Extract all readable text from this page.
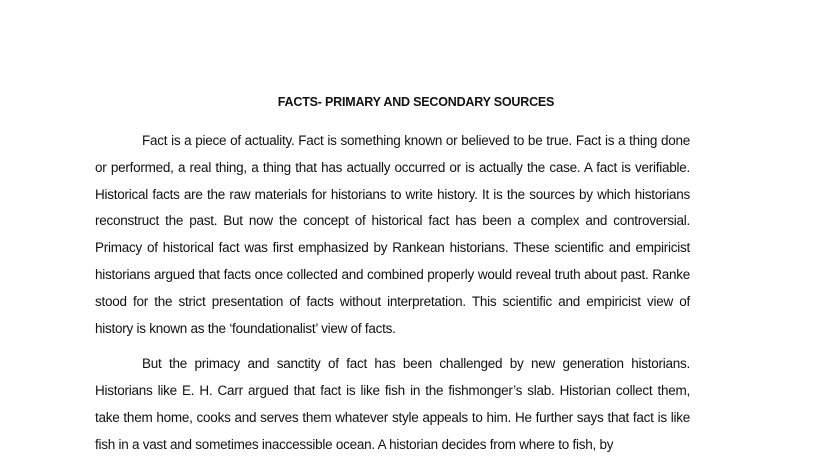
FACTS- PRIMARY AND SECONDARY SOURCES

Fact is a piece of actuality. Fact is something known or believed to be true. Fact is a thing done or performed, a real thing, a thing that has actually occurred or is actually the case. A fact is verifiable. Historical facts are the raw materials for historians to write history. It is the sources by which historians reconstruct the past. But now the concept of historical fact has been a complex and controversial. Primacy of historical fact was first emphasized by Rankean historians. These scientific and empiricist historians argued that facts once collected and combined properly would reveal truth about past. Ranke stood for the strict presentation of facts without interpretation. This scientific and empiricist view of history is known as the ‘foundationalist’ view of facts.

But the primacy and sanctity of fact has been challenged by new generation historians. Historians like E. H. Carr argued that fact is like fish in the fishmonger’s slab. Historian collect them, take them home, cooks and serves them whatever style appeals to him. He further says that fact is like fish in a vast and sometimes inaccessible ocean. A historian decides from where to fish, by
